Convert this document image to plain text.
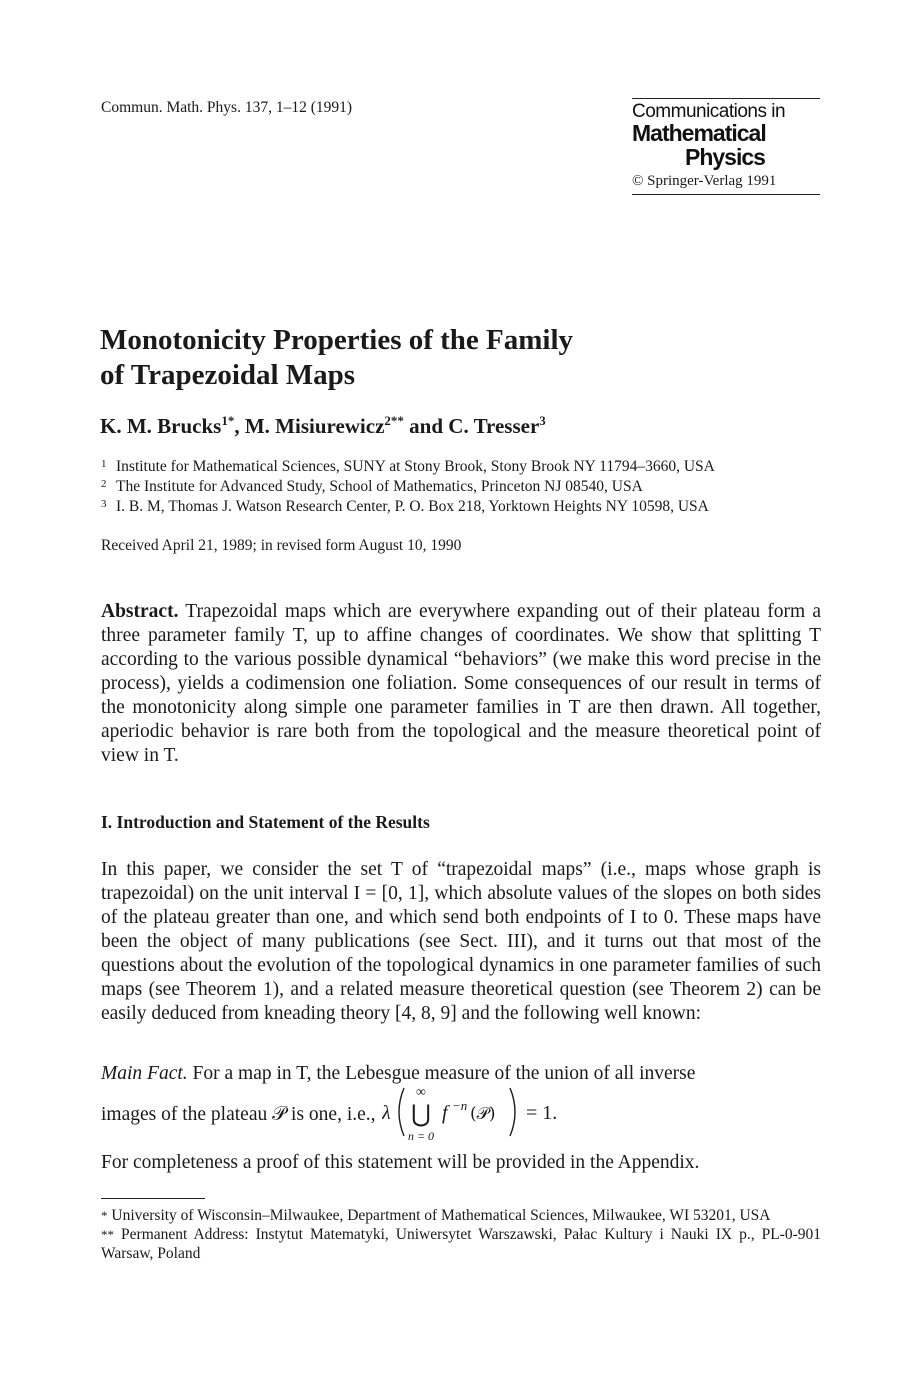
Commun. Math. Phys. 137, 1–12 (1991)	Communications in
Mathematical
Physics
© Springer-Verlag 1991
Monotonicity Properties of the Family
of Trapezoidal Maps
K. M. Brucks$^{1*}$, M. Misiurewicz$^{2**}$ and C. Tresser$^3$
1 Institute for Mathematical Sciences, SUNY at Stony Brook, Stony Brook NY 11794–3660, USA
2 The Institute for Advanced Study, School of Mathematics, Princeton NJ 08540, USA
3 I. B. M, Thomas J. Watson Research Center, P. O. Box 218, Yorktown Heights NY 10598, USA
Received April 21, 1989; in revised form August 10, 1990
Abstract. Trapezoidal maps which are everywhere expanding out of their plateau form a three parameter family T, up to affine changes of coordinates. We show that splitting T according to the various possible dynamical “behaviors” (we make this word precise in the process), yields a codimension one foliation. Some consequences of our result in terms of the monotonicity along simple one parameter families in T are then drawn. All together, aperiodic behavior is rare both from the topological and the measure theoretical point of view in T.
I. Introduction and Statement of the Results
In this paper, we consider the set T of “trapezoidal maps” (i.e., maps whose graph is trapezoidal) on the unit interval I = [0, 1], which absolute values of the slopes on both sides of the plateau greater than one, and which send both endpoints of I to 0. These maps have been the object of many publications (see Sect. III), and it turns out that most of the questions about the evolution of the topological dynamics in one parameter families of such maps (see Theorem 1), and a related measure theoretical question (see Theorem 2) can be easily deduced from kneading theory [4, 8, 9] and the following well known:
Main Fact. For a map in T, the Lebesgue measure of the union of all inverse
images of the plateau 𝒫 is one, i.e., λ
∞
⋃
n = 0
f −n (𝒫) = 1.
For completeness a proof of this statement will be provided in the Appendix.
* University of Wisconsin–Milwaukee, Department of Mathematical Sciences, Milwaukee, WI 53201, USA
** Permanent Address: Instytut Matematyki, Uniwersytet Warszawski, Pałac Kultury i Nauki IX p., PL-0-901 Warsaw, Poland
